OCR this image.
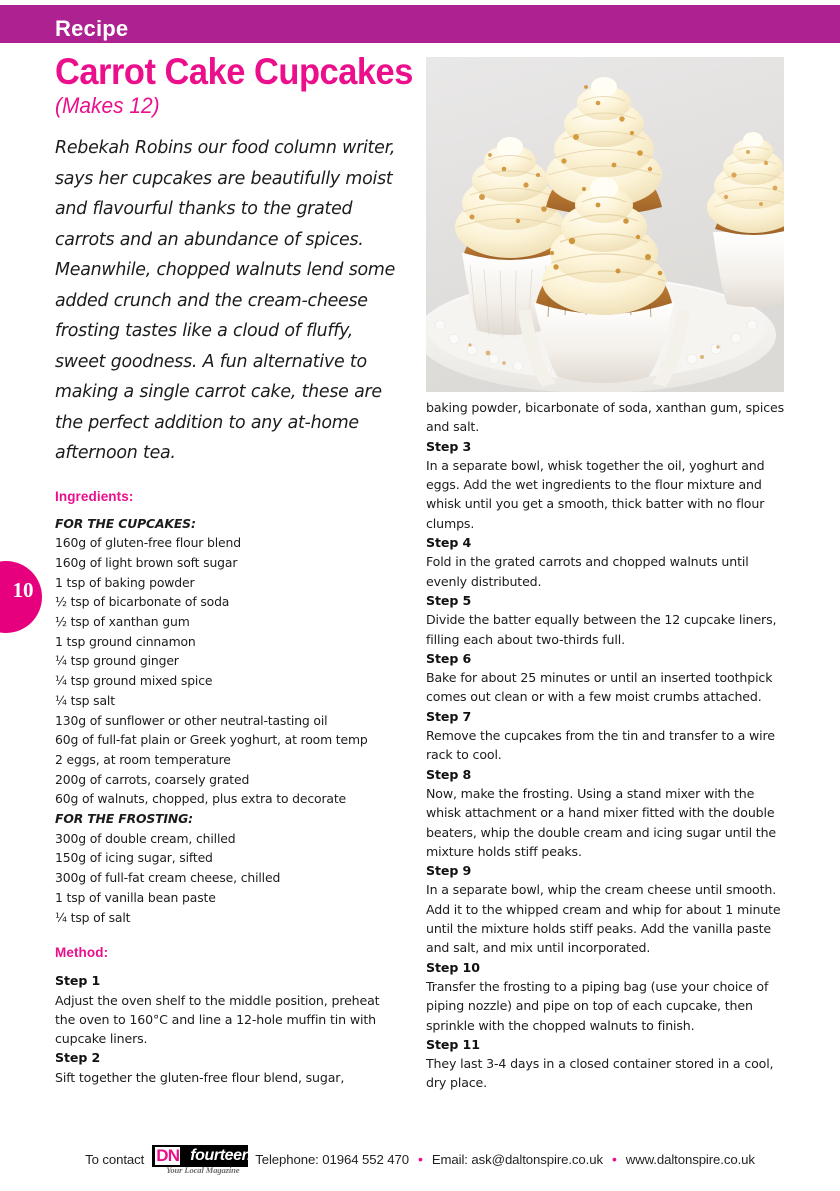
Recipe
10
Carrot Cake Cupcakes
(Makes 12)

Rebekah Robins our food column writer, says her cupcakes are beautifully moist and flavourful thanks to the grated carrots and an abundance of spices. Meanwhile, chopped walnuts lend some added crunch and the cream-cheese frosting tastes like a cloud of fluffy, sweet goodness. A fun alternative to making a single carrot cake, these are the perfect addition to any at-home afternoon tea.

Ingredients:
FOR THE CUPCAKES:
160g of gluten-free flour blend
160g of light brown soft sugar
1 tsp of baking powder
½ tsp of bicarbonate of soda
½ tsp of xanthan gum
1 tsp ground cinnamon
¼ tsp ground ginger
¼ tsp ground mixed spice
¼ tsp salt
130g of sunflower or other neutral-tasting oil
60g of full-fat plain or Greek yoghurt, at room temp
2 eggs, at room temperature
200g of carrots, coarsely grated
60g of walnuts, chopped, plus extra to decorate
FOR THE FROSTING:
300g of double cream, chilled
150g of icing sugar, sifted
300g of full-fat cream cheese, chilled
1 tsp of vanilla bean paste
¼ tsp of salt
Method:
Step 1
Adjust the oven shelf to the middle position, preheat the oven to 160°C and line a 12-hole muffin tin with cupcake liners.
Step 2
Sift together the gluten-free flour blend, sugar,
baking powder, bicarbonate of soda, xanthan gum, spices and salt.
Step 3
In a separate bowl, whisk together the oil, yoghurt and eggs. Add the wet ingredients to the flour mixture and whisk until you get a smooth, thick batter with no flour clumps.
Step 4
Fold in the grated carrots and chopped walnuts until evenly distributed.
Step 5
Divide the batter equally between the 12 cupcake liners, filling each about two-thirds full.
Step 6
Bake for about 25 minutes or until an inserted toothpick comes out clean or with a few moist crumbs attached.
Step 7
Remove the cupcakes from the tin and transfer to a wire rack to cool.
Step 8
Now, make the frosting. Using a stand mixer with the whisk attachment or a hand mixer fitted with the double beaters, whip the double cream and icing sugar until the mixture holds stiff peaks.
Step 9
In a separate bowl, whip the cream cheese until smooth. Add it to the whipped cream and whip for about 1 minute until the mixture holds stiff peaks. Add the vanilla paste and salt, and mix until incorporated.
Step 10
Transfer the frosting to a piping bag (use your choice of piping nozzle) and pipe on top of each cupcake, then sprinkle with the chopped walnuts to finish.
Step 11
They last 3-4 days in a closed container stored in a cool, dry place.
To contact DN fourteen
Your Local Magazine
Telephone: 01964 552 470 • Email: ask@daltonspire.co.uk • www.daltonspire.co.uk
